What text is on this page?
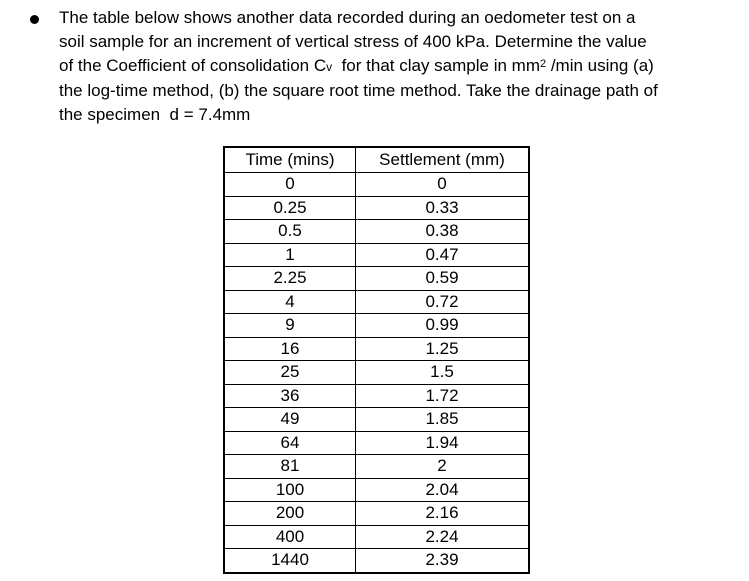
The table below shows another data recorded during an oedometer test on a

soil sample for an increment of vertical stress of 400 kPa. Determine the value

of the Coefficient of consolidation Cv  for that clay sample in $mm^2$ /min using (a)

the log-time method, (b) the square root time method. Take the drainage path of

the specimen  d = 7.4mm

Time (mins)	Settlement (mm)
0	0
0.25	0.33
0.5	0.38
1	0.47
2.25	0.59
4	0.72
9	0.99
16	1.25
25	1.5
36	1.72
49	1.85
64	1.94
81	2
100	2.04
200	2.16
400	2.24
1440	2.39
